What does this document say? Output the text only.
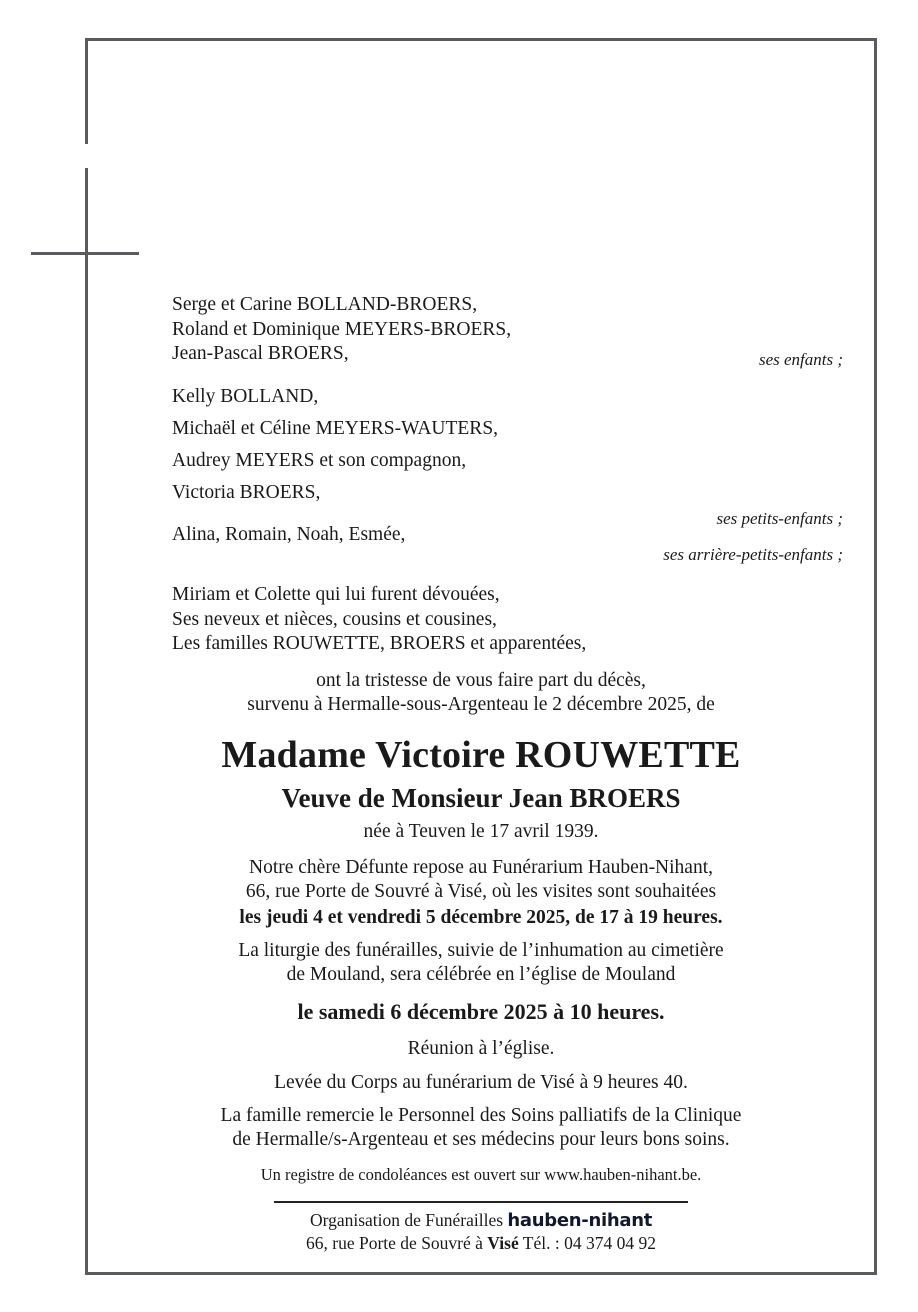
Serge et Carine BOLLAND-BROERS,
Roland et Dominique MEYERS-BROERS,
Jean-Pascal BROERS,	ses enfants ;

Kelly BOLLAND,
Michaël et Céline MEYERS-WAUTERS,
Audrey MEYERS et son compagnon,
Victoria BROERS,

ses petits-enfants ;

Alina, Romain, Noah, Esmée,

ses arrière-petits-enfants ;

Miriam et Colette qui lui furent dévouées,
Ses neveux et nièces, cousins et cousines,
Les familles ROUWETTE, BROERS et apparentées,

ont la tristesse de vous faire part du décès,
survenu à Hermalle-sous-Argenteau le 2 décembre 2025, de

Madame Victoire ROUWETTE
Veuve de Monsieur Jean BROERS

née à Teuven le 17 avril 1939.

Notre chère Défunte repose au Funérarium Hauben-Nihant,
66, rue Porte de Souvré à Visé, où les visites sont souhaitées

les jeudi 4 et vendredi 5 décembre 2025, de 17 à 19 heures.

La liturgie des funérailles, suivie de l’inhumation au cimetière
de Mouland, sera célébrée en l’église de Mouland

le samedi 6 décembre 2025 à 10 heures.

Réunion à l’église.

Levée du Corps au funérarium de Visé à 9 heures 40.

La famille remercie le Personnel des Soins palliatifs de la Clinique
de Hermalle/s-Argenteau et ses médecins pour leurs bons soins.

Un registre de condoléances est ouvert sur www.hauben-nihant.be.

Organisation de Funérailles hauben-nihant

66, rue Porte de Souvré à Visé Tél. : 04 374 04 92
